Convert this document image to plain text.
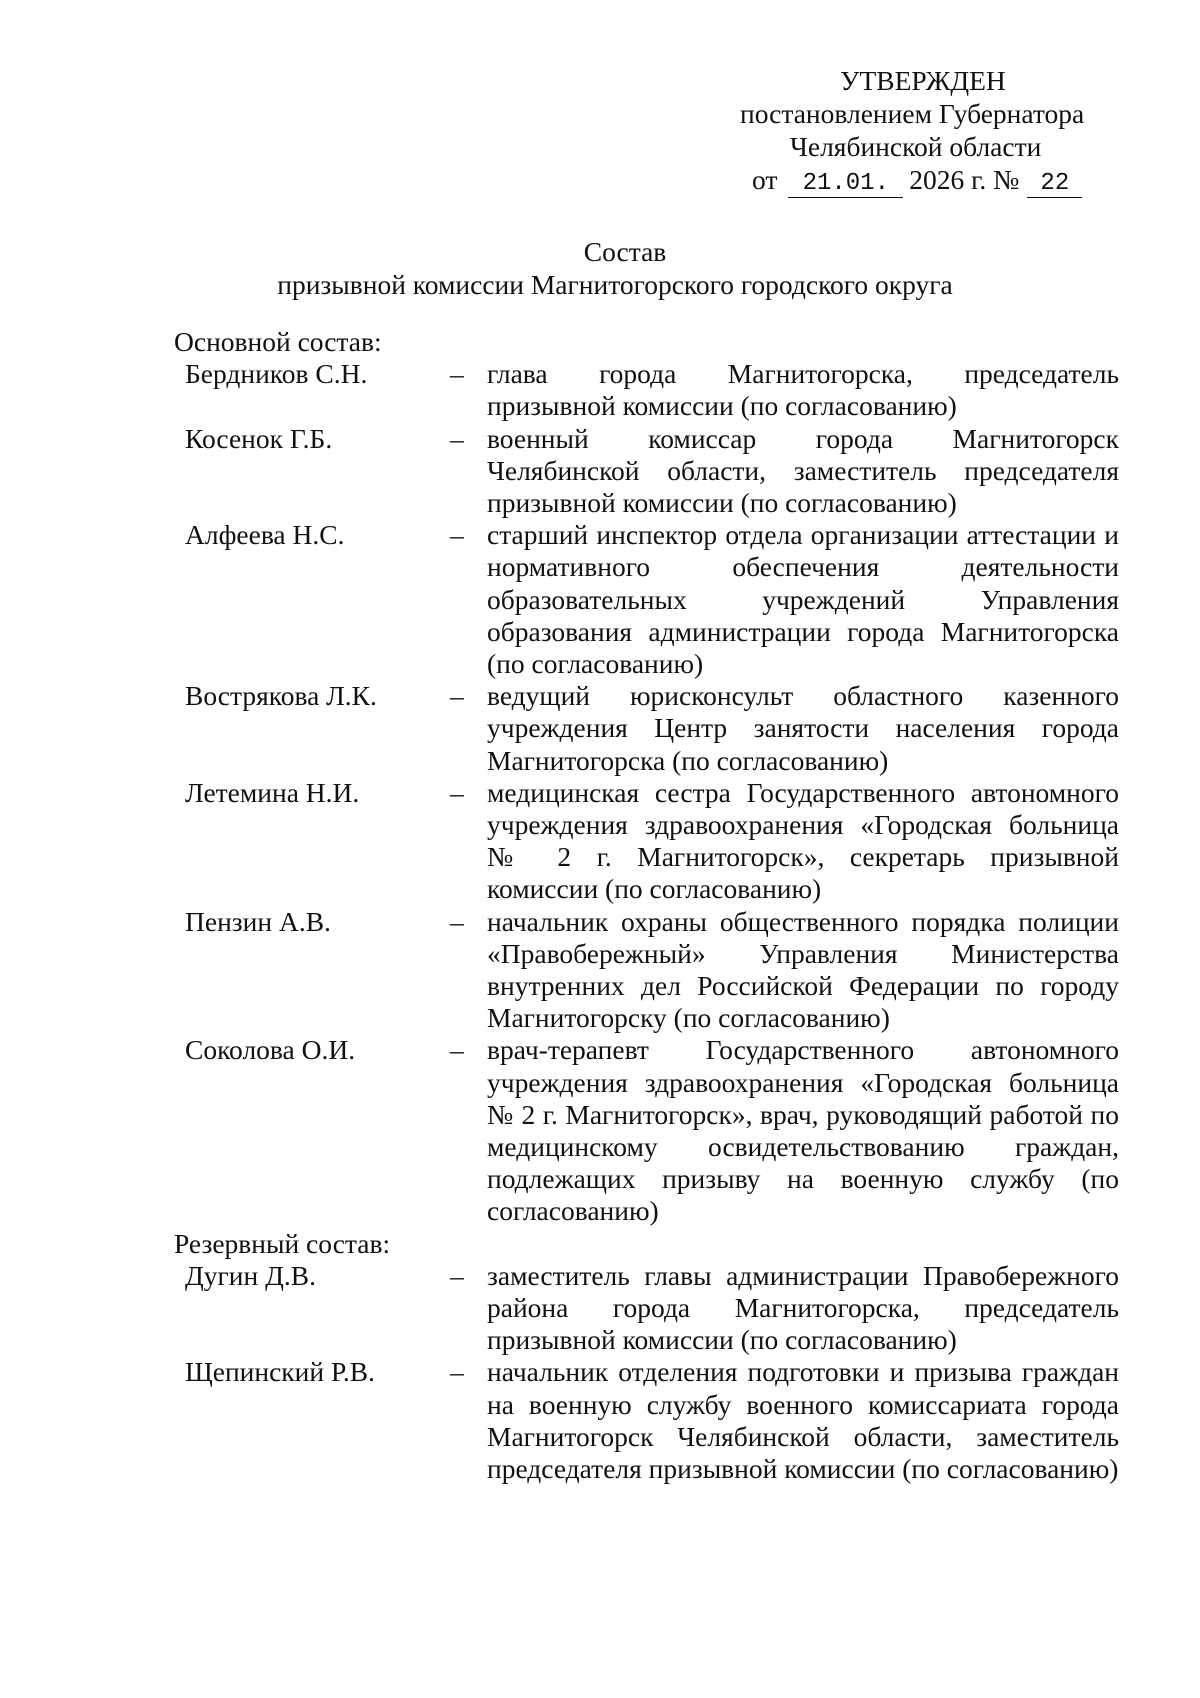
УТВЕРЖДЕН
постановлением Губернатора
Челябинской области
от 21.01. 2026 г. № 22
Состав
призывной комиссии Магнитогорского городского округа
Основной состав:
Бердников С.Н.	– глава города Магнитогорска, председатель призывной комиссии (по согласованию)
Косенок Г.Б.	– военный комиссар города Магнитогорск Челябинской области, заместитель председателя призывной комиссии (по согласованию)
Алфеева Н.С.	– старший инспектор отдела организации аттестации и нормативного обеспечения деятельности образовательных учреждений Управления образования администрации города Магнитогорска (по согласованию)
Вострякова Л.К.	– ведущий юрисконсульт областного казенного учреждения Центр занятости населения города Магнитогорска (по согласованию)
Летемина Н.И.	– медицинская сестра Государственного автономного учреждения здравоохранения «Городская больница № 2 г. Магнитогорск», секретарь призывной комиссии (по согласованию)
Пензин А.В.	– начальник охраны общественного порядка полиции «Правобережный» Управления Министерства внутренних дел Российской Федерации по городу Магнитогорску (по согласованию)
Соколова О.И.	– врач-терапевт Государственного автономного учреждения здравоохранения «Городская больница № 2 г. Магнитогорск», врач, руководящий работой по медицинскому освидетельствованию граждан, подлежащих призыву на военную службу (по согласованию)
Резервный состав:
Дугин Д.В.	– заместитель главы администрации Правобережного района города Магнитогорска, председатель призывной комиссии (по согласованию)
Щепинский Р.В.	– начальник отделения подготовки и призыва граждан на военную службу военного комиссариата города Магнитогорск Челябинской области, заместитель председателя призывной комиссии (по согласованию)
